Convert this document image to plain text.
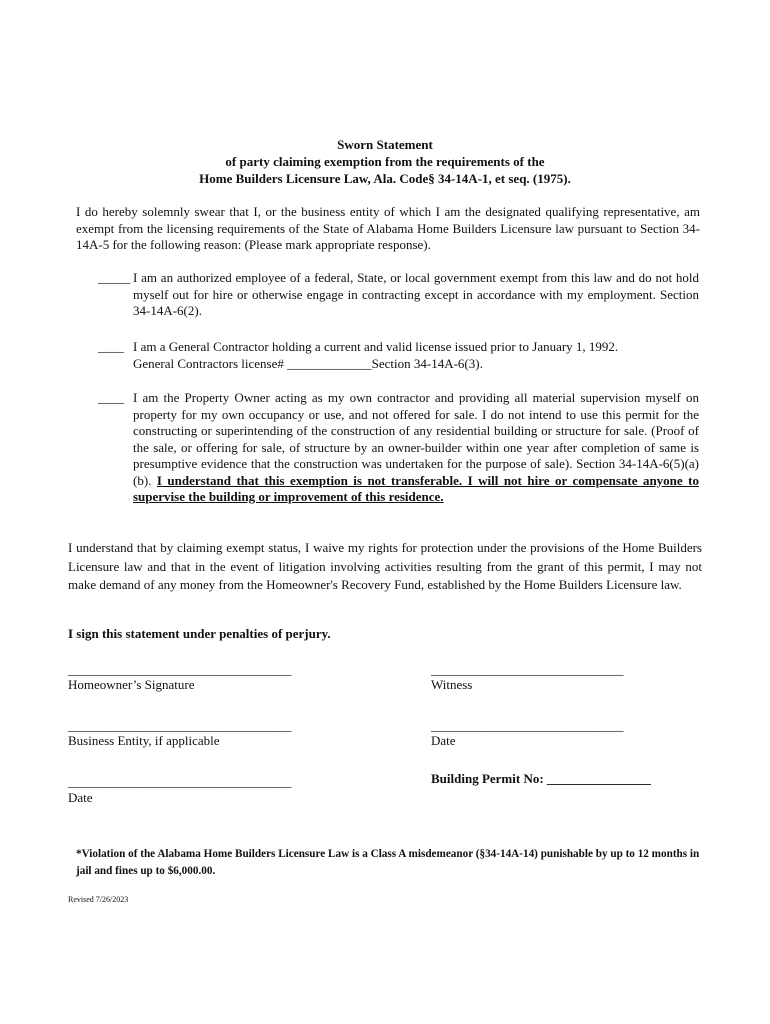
Sworn Statement
of party claiming exemption from the requirements of the
Home Builders Licensure Law, Ala. Code§ 34-14A-1, et seq. (1975).
I do hereby solemnly swear that I, or the business entity of which I am the designated qualifying representative, am exempt from the licensing requirements of the State of Alabama Home Builders Licensure law pursuant to Section 34-14A-5 for the following reason: (Please mark appropriate response).
_____ I am an authorized employee of a federal, State, or local government exempt from this law and do not hold myself out for hire or otherwise engage in contracting except in accordance with my employment. Section 34-14A-6(2).
____ I am a General Contractor holding a current and valid license issued prior to January 1, 1992.
General Contractors license# _____________Section 34-14A-6(3).
____ I am the Property Owner acting as my own contractor and providing all material supervision myself on property for my own occupancy or use, and not offered for sale. I do not intend to use this permit for the constructing or superintending of the construction of any residential building or structure for sale. (Proof of the sale, or offering for sale, of structure by an owner-builder within one year after completion of same is presumptive evidence that the construction was undertaken for the purpose of sale). Section 34-14A-6(5)(a)(b). I understand that this exemption is not transferable. I will not hire or compensate anyone to supervise the building or improvement of this residence.
I understand that by claiming exempt status, I waive my rights for protection under the provisions of the Home Builders Licensure law and that in the event of litigation involving activities resulting from the grant of this permit, I may not make demand of any money from the Homeowner's Recovery Fund, established by the Home Builders Licensure law.
I sign this statement under penalties of perjury.
____________________________________
Homeowner’s Signature
_______________________________
Witness
____________________________________
Business Entity, if applicable
_______________________________
Date
____________________________________
Date
Building Permit No: ________________
*Violation of the Alabama Home Builders Licensure Law is a Class A misdemeanor (§34-14A-14) punishable by up to 12 months in jail and fines up to $6,000.00.
Revised 7/26/2023
